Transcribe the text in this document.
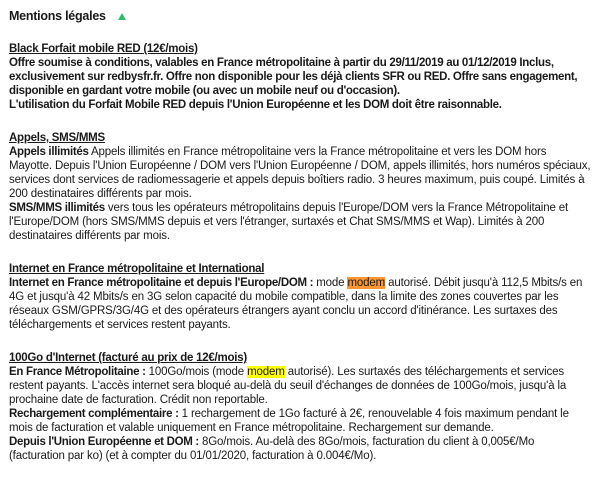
Mentions légales
Black Forfait mobile RED (12€/mois)

Offre soumise à conditions, valables en France métropolitaine à partir du 29/11/2019 au 01/12/2019 Inclus, exclusivement sur redbysfr.fr. Offre non disponible pour les déjà clients SFR ou RED. Offre sans engagement, disponible en gardant votre mobile (ou avec un mobile neuf ou d'occasion).

L'utilisation du Forfait Mobile RED depuis l'Union Européenne et les DOM doit être raisonnable.

Appels, SMS/MMS

Appels illimités Appels illimités en France métropolitaine vers la France métropolitaine et vers les DOM hors Mayotte. Depuis l'Union Européenne / DOM vers l'Union Européenne / DOM, appels illimités, hors numéros spéciaux, services dont services de radiomessagerie et appels depuis boîtiers radio. 3 heures maximum, puis coupé. Limités à 200 destinataires différents par mois.

SMS/MMS illimités vers tous les opérateurs métropolitains depuis l'Europe/DOM vers la France Métropolitaine et l'Europe/DOM (hors SMS/MMS depuis et vers l'étranger, surtaxés et Chat SMS/MMS et Wap). Limités à 200 destinataires différents par mois.

Internet en France métropolitaine et International

Internet en France métropolitaine et depuis l'Europe/DOM : mode modem autorisé. Débit jusqu'à 112,5 Mbits/s en 4G et jusqu'à 42 Mbits/s en 3G selon capacité du mobile compatible, dans la limite des zones couvertes par les réseaux GSM/GPRS/3G/4G et des opérateurs étrangers ayant conclu un accord d'itinérance. Les surtaxes des téléchargements et services restent payants.

100Go d'Internet (facturé au prix de 12€/mois)

En France Métropolitaine : 100Go/mois (mode modem autorisé). Les surtaxés des téléchargements et services restent payants. L'accès internet sera bloqué au-delà du seuil d'échanges de données de 100Go/mois, jusqu'à la prochaine date de facturation. Crédit non reportable.

Rechargement complémentaire : 1 rechargement de 1Go facturé à 2€, renouvelable 4 fois maximum pendant le mois de facturation et valable uniquement en France métropolitaine. Rechargement sur demande.

Depuis l'Union Européenne et DOM : 8Go/mois. Au-delà des 8Go/mois, facturation du client à 0,005€/Mo (facturation par ko) (et à compter du 01/01/2020, facturation à 0.004€/Mo).
